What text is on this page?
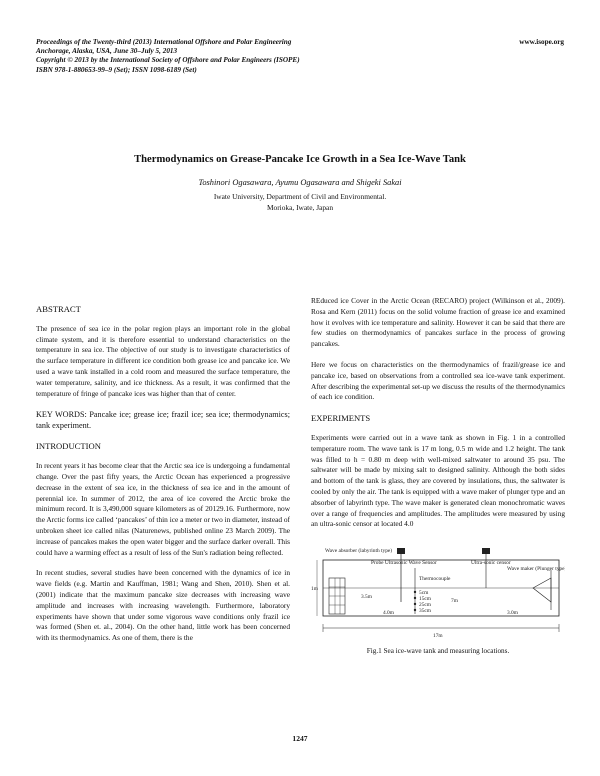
Proceedings of the Twenty-third (2013) International Offshore and Polar Engineering
Anchorage, Alaska, USA, June 30–July 5, 2013
Copyright © 2013 by the International Society of Offshore and Polar Engineers (ISOPE)
ISBN 978-1-880653-99–9 (Set); ISSN 1098-6189 (Set)
www.isope.org
Thermodynamics on Grease-Pancake Ice Growth in a Sea Ice-Wave Tank
Toshinori Ogasawara, Ayumu Ogasawara and Shigeki Sakai
Iwate University, Department of Civil and Environmental.
Morioka, Iwate, Japan
ABSTRACT

The presence of sea ice in the polar region plays an important role in the global climate system, and it is therefore essential to understand characteristics on the temperature in sea ice. The objective of our study is to investigate characteristics of the surface temperature in different ice condition both grease ice and pancake ice. We used a wave tank installed in a cold room and measured the surface temperature, the water temperature, salinity, and ice thickness. As a result, it was confirmed that the temperature of fringe of pancake ices was higher than that of center.

KEY WORDS: Pancake ice; grease ice; frazil ice; sea ice; thermodynamics; tank experiment.
INTRODUCTION

In recent years it has become clear that the Arctic sea ice is undergoing a fundamental change. Over the past fifty years, the Arctic Ocean has experienced a progressive decrease in the extent of sea ice, in the thickness of sea ice and in the amount of perennial ice. In summer of 2012, the area of ice covered the Arctic broke the minimum record. It is 3,490,000 square kilometers as of 20129.16. Furthermore, now the Arctic forms ice called ‘pancakes’ of thin ice a meter or two in diameter, instead of unbroken sheet ice called nilas (Naturenews, published online 23 March 2009). The increase of pancakes makes the open water bigger and the surface darker overall. This could have a warming effect as a result of less of the Sun's radiation being reflected.

In recent studies, several studies have been concerned with the dynamics of ice in wave fields (e.g. Martin and Kauffman, 1981; Wang and Shen, 2010). Shen et al. (2001) indicate that the maximum pancake size decreases with increasing wave amplitude and increases with increasing wavelength. Furthermore, laboratory experiments have shown that under some vigorous wave conditions only frazil ice was formed (Shen et. al., 2004). On the other hand, little work has been concerned with its thermodynamics. As one of them, there is the

REduced ice Cover in the Arctic Ocean (RECARO) project (Wilkinson et al., 2009). Rosa and Kern (2011) focus on the solid volume fraction of grease ice and examined how it evolves with ice temperature and salinity. However it can be said that there are few studies on thermodynamics of pancakes surface in the process of growing pancakes.

Here we focus on characteristics on the thermodynamics of frazil/grease ice and pancake ice, based on observations from a controlled sea ice-wave tank experiment. After describing the experimental set-up we discuss the results of the thermodynamics of each ice condition.

EXPERIMENTS

Experiments were carried out in a wave tank as shown in Fig. 1 in a controlled temperature room. The wave tank is 17 m long, 0.5 m wide and 1.2 height. The tank was filled to h = 0.80 m deep with well-mixed saltwater to around 35 psu. The saltwater will be made by mixing salt to designed salinity. Although the both sides and bottom of the tank is glass, they are covered by insulations, thus, the saltwater is cooled by only the air. The tank is equipped with a wave maker of plunger type and an absorber of labyrinth type. The wave maker is generated clean monochromatic waves over a range of frequencies and amplitudes. The amplitudes were measured by using an ultra-sonic censor at located 4.0

Wave absorber (labyrinth type)
Probe Ultrasonic Wave Sensor	Ultra-sonic censor
Wave maker (Plunger type)
Thermocouple
5cm
15cm
25cm
35cm
1m
3.5m
4.0m
7m
3.0m
17m
Fig.1 Sea ice-wave tank and measuring locations.
1247
